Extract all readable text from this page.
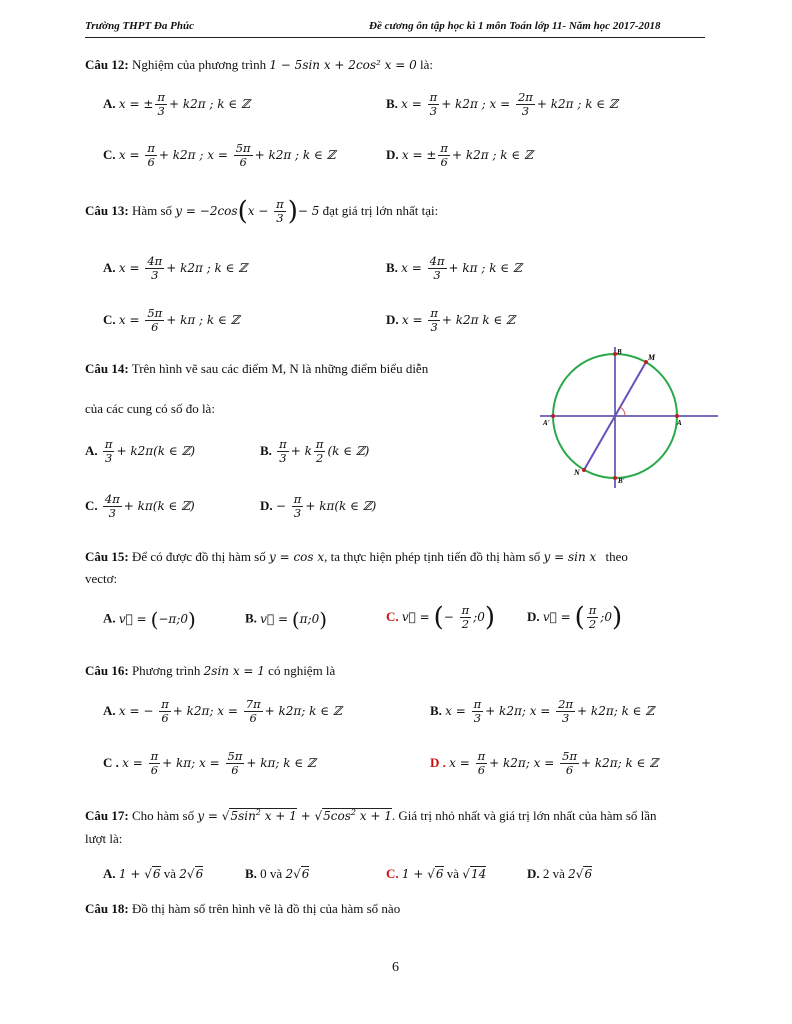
Trường THPT Đa Phúc	Đề cương ôn tập học kì 1 môn Toán lớp 11- Năm học 2017-2018
Câu 12: Nghiệm của phương trình 1 − 5sin x + 2cos² x = 0 là:
A. x = ± $\frac{\pi}{3} + k2\pi$ ; k ∈ ℤ	B. $x = \frac{\pi}{3} + k2\pi$ ; $x = \frac{2\pi}{3} + k2\pi$ ; k ∈ ℤ
C. $x = \frac{\pi}{6} + k2\pi$ ; $x = \frac{5\pi}{6} + k2\pi$ ; k ∈ ℤ	D. x = ± $\frac{\pi}{6} + k2\pi$ ; k ∈ ℤ
Câu 13: Hàm số $y = -2\cos(x - \frac{\pi}{3}$ )− 5 đạt giá trị lớn nhất tại:
A. $x = \frac{4\pi}{3} + k2\pi$ ; k ∈ ℤ	B. $x = \frac{4\pi}{3} + k\pi$ ; k ∈ ℤ
C. $x = \frac{5\pi}{6} + k\pi$ ; k ∈ ℤ	D. $x = \frac{\pi}{3} + k2\pi$ k ∈ ℤ
Câu 14: Trên hình vẽ sau các điểm M, N là những điểm biểu diễn
của các cung có số đo là:
A. $\frac{\pi}{3} + k2\pi(k$ ∈ ℤ)	B. $\frac{\pi}{3} + k \frac{\pi}{2} (k$ ∈ ℤ)
C. $\frac{4\pi}{3} + k\pi(k$ ∈ ℤ)	D. − $\frac{\pi}{3} + k\pi(k$ ∈ ℤ)
M
N
A
A'
B
B'
Câu 15: Để có được đồ thị hàm số y = cos x, ta thực hiện phép tịnh tiến đồ thị hàm số y = sin x theo
vectơ:
A. v⃗ = (−π;0)	B. v⃗ = (π;0)	C. v⃗ = (− $\frac{\pi}{2}$ ;0) D. v⃗ = ( $\frac{\pi}{2}$ ;0)
Câu 16: Phương trình 2sin x = 1 có nghiệm là
A. x = − $\frac{\pi}{6} + k2\pi$; $x = \frac{7\pi}{6} + k2\pi$; k ∈ ℤ	B. $x = \frac{\pi}{3} + k2\pi$; $x = \frac{2\pi}{3} + k2\pi$; k ∈ ℤ
C . $x = \frac{\pi}{6} + k\pi$; $x = \frac{5\pi}{6} + k\pi$; k ∈ ℤ	D . $x = \frac{\pi}{6} + k2\pi$; $x = \frac{5\pi}{6} + k2\pi$; k ∈ ℤ
Câu 17: Cho hàm số $y = √5\sin^2$ $x + 1 + √5\cos^2$ x + 1. Giá trị nhỏ nhất và giá trị lớn nhất của hàm số lần
lượt là:
A. 1 + √6 và 2√6	B. 0 và 2√6	C. 1 + √6 và √14	D. 2 và 2√6
Câu 18: Đồ thị hàm số trên hình vẽ là đồ thị của hàm số nào
6
